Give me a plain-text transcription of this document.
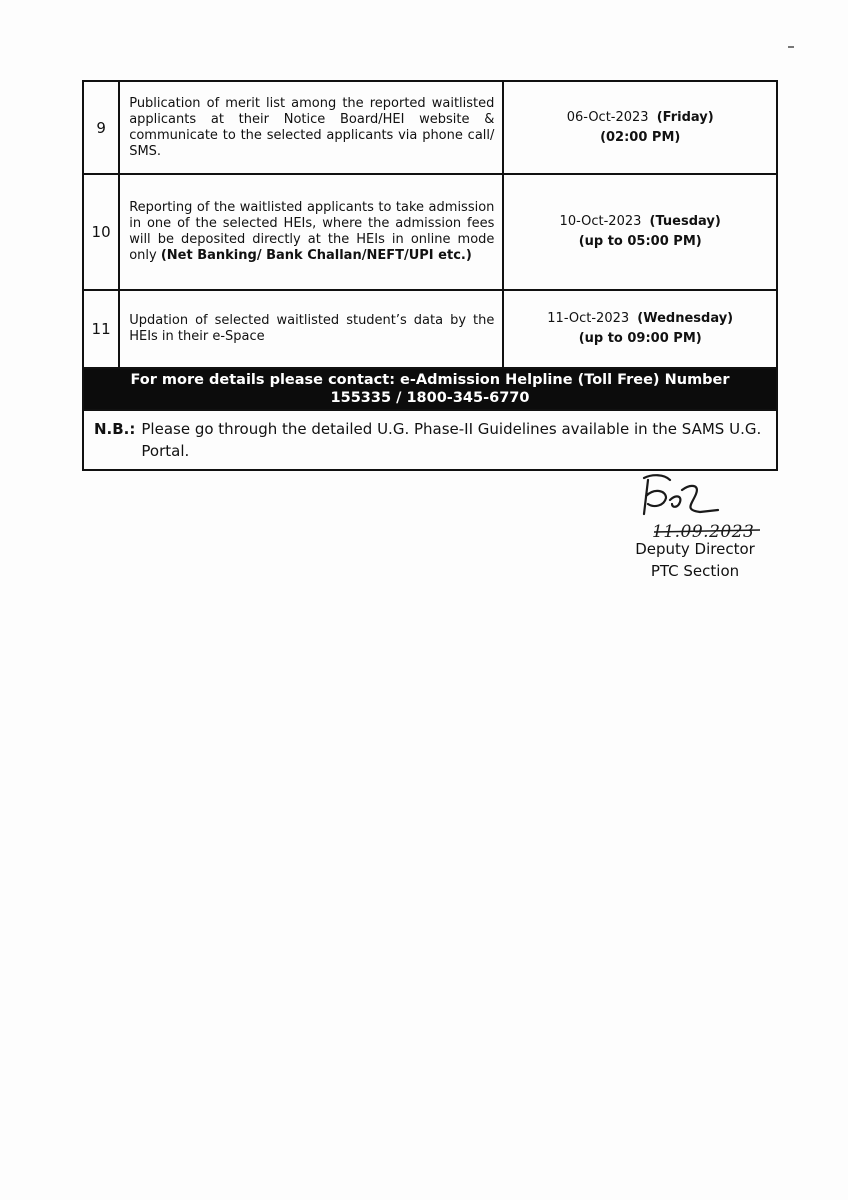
9	Publication of merit list among the reported waitlisted applicants at their Notice Board/HEI website & communicate to the selected applicants via phone call/ SMS.	06-Oct-2023 (Friday)
(02:00 PM)

10	Reporting of the waitlisted applicants to take admission in one of the selected HEIs, where the admission fees will be deposited directly at the HEIs in online mode only (Net Banking/ Bank Challan/NEFT/UPI etc.)	10-Oct-2023 (Tuesday)
(up to 05:00 PM)

11	Updation of selected waitlisted student’s data by the HEIs in their e-Space	11-Oct-2023 (Wednesday)
(up to 09:00 PM)

For more details please contact: e-Admission Helpline (Toll Free) Number
155335 / 1800-345-6770		

N.B.: Please go through the detailed U.G. Phase-II Guidelines available in the SAMS U.G. Portal.		
11.09.2023
Deputy Director
PTC Section
